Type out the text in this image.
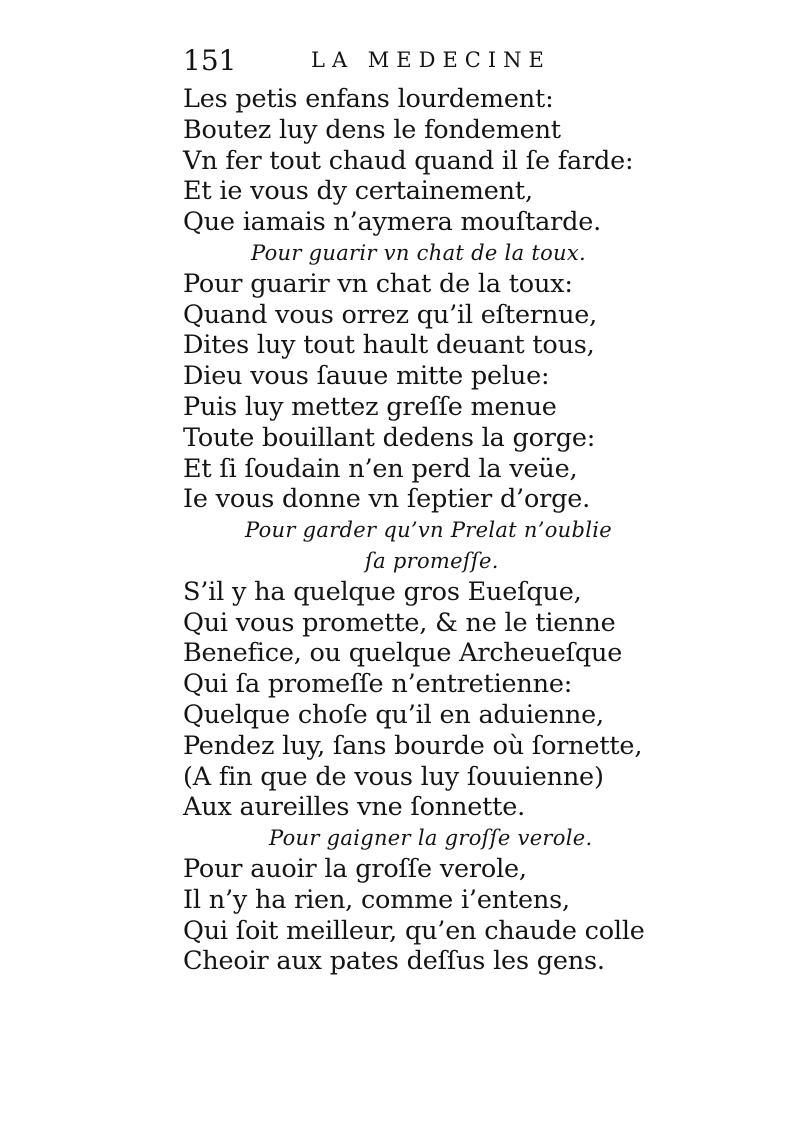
151	LA MEDECINE
Les petis enfans lourdement:
Boutez luy dens le fondement
Vn fer tout chaud quand il ſe farde:
Et ie vous dy certainement,
Que iamais n’aymera mouſtarde.
Pour guarir vn chat de la toux.
Pour guarir vn chat de la toux:
Quand vous orrez qu’il eſternue,
Dites luy tout hault deuant tous,
Dieu vous ſauue mitte pelue:
Puis luy mettez greſſe menue
Toute bouillant dedens la gorge:
Et ſi ſoudain n’en perd la veüe,
Ie vous donne vn ſeptier d’orge.
Pour garder qu’vn Prelat n’oublie
ſa promeſſe.
S’il y ha quelque gros Eueſque,
Qui vous promette, & ne le tienne
Benefice, ou quelque Archeueſque
Qui ſa promeſſe n’entretienne:
Quelque choſe qu’il en aduienne,
Pendez luy, ſans bourde où ſornette,
(A fin que de vous luy ſouuienne)
Aux aureilles vne ſonnette.
Pour gaigner la groſſe verole.
Pour auoir la groſſe verole,
Il n’y ha rien, comme i’entens,
Qui ſoit meilleur, qu’en chaude colle
Cheoir aux pates deſſus les gens.
